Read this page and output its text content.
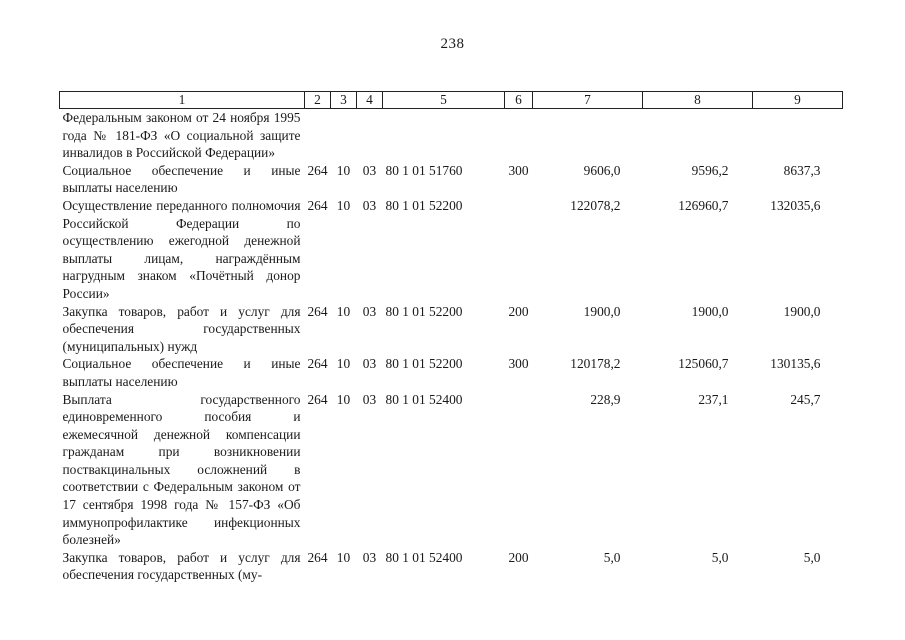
238
1	2	3	4	5	6	7	8	9
Федеральным законом от 24 ноября 1995 года № 181-ФЗ «О социальной защите инвалидов в Российской Федерации»								
Социальное обеспечение и иные выплаты населению	264	10	03	80 1 01 51760	300	9606,0	9596,2	8637,3
Осуществление переданного полномочия Российской Федерации по осуществлению ежегодной денежной выплаты лицам, награждённым нагрудным знаком «Почётный донор России»	264	10	03	80 1 01 52200		122078,2	126960,7	132035,6
Закупка товаров, работ и услуг для обеспечения государственных (муниципальных) нужд	264	10	03	80 1 01 52200	200	1900,0	1900,0	1900,0
Социальное обеспечение и иные выплаты населению	264	10	03	80 1 01 52200	300	120178,2	125060,7	130135,6
Выплата государственного единовременного пособия и ежемесячной денежной компенсации гражданам при возникновении поствакцинальных осложнений в соответствии с Федеральным законом от 17 сентября 1998 года № 157-ФЗ «Об иммунопрофилактике инфекционных болезней»	264	10	03	80 1 01 52400		228,9	237,1	245,7
Закупка товаров, работ и услуг для обеспечения государственных (му-	264	10	03	80 1 01 52400	200	5,0	5,0	5,0
